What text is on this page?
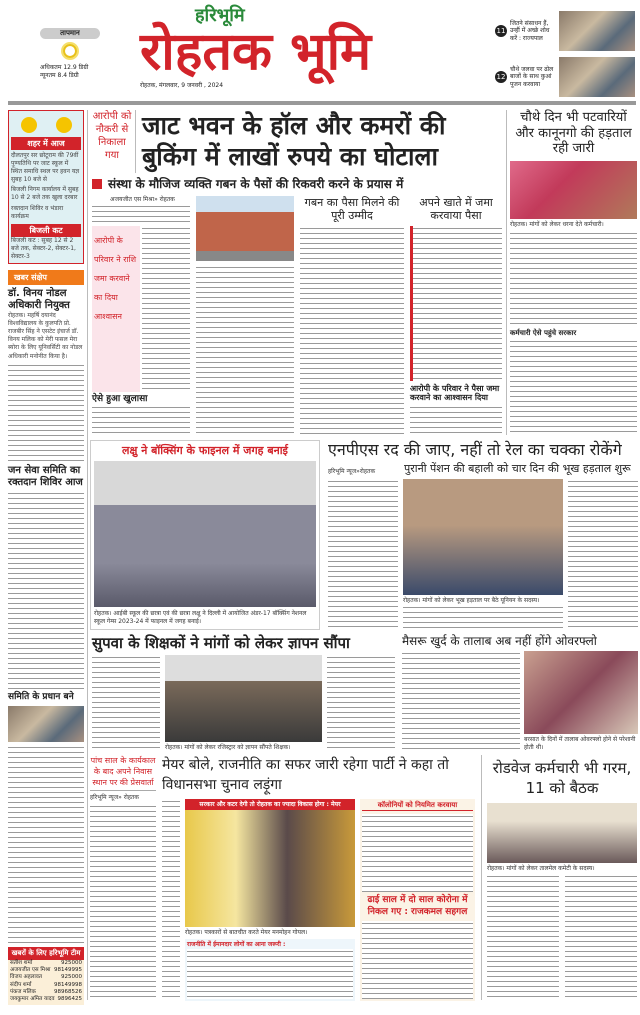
तापमान
अधिकतम 12.9 डिग्री
न्यूनतम 8.4 डिग्री
हरिभूमि
रोहतक भूमि
रोहतक, मंगलवार, 9 जनवरी , 2024
11
जितने संसाधन हैं, उन्हीं में अच्छे शोध करें : राज्यपाल
12
चौथे जलवा पर ढोल बाजों के साथ कुआं पूजन करवाया
शहर में आज
दौलतपुर सर छोटूराम की 79वीं पुण्यतिथि पर जाट स्कूल में स्थित समाधि स्थल पर हवन यज्ञ सुबह 10 बजे से
बिजली निगम कार्यालय में सुबह 10 से 2 बजे तक खुला दरबार
रक्तदान शिविर व भंडारा कार्यक्रम
बिजली कट
बिजली कट : सुबह 12 से 2 बजे तक, सेक्टर-2, सेक्टर-1, सेक्टर-3
खबर संक्षेप
डॉ. विनय नोडल अधिकारी नियुक्त
रोहतक। महर्षि दयानंद विश्वविद्यालय के कुलपति प्रो. राजबीर सिंह ने एसटेट इंचार्ज डॉ. विनय मलिक को मेरी फसल मेरा ब्योरा के लिए यूनिवर्सिटी का नोडल अधिकारी मनोनीत किया है।
जन सेवा समिति का रक्तदान शिविर आज
समिति के प्रधान बने
खबरों के लिए हरिभूमि टीम
सतीश शर्मा	925000
अजयजीत एस मिश्रा 98149995
विजय अहलावत	925000
संदीप शर्मा	98149998
पंकज मलिक	98968526
जयकुमार अमित यादव 9896425
आरोपी को नौकरी से निकाला गया
जाट भवन के हॉल और कमरों की बुकिंग में लाखों रुपये का घोटाला
संस्था के मौजिज व्यक्ति गबन के पैसों की रिकवरी करने के प्रयास में
अजयजीत एस मिश्रा» रोहतक
आरोपी के परिवार ने राशि जमा करवाने का दिया आश्वासन
ऐसे हुआ खुलासा
गबन का पैसा मिलने की पूरी उम्मीद
अपने खाते में जमा करवाया पैसा
आरोपी के परिवार ने पैसा जमा करवाने का आश्वासन दिया
चौथे दिन भी पटवारियों और कानूनगो की हड़ताल रही जारी
रोहतक। मांगों को लेकर धरना देते कर्मचारी।
कर्मचारी ऐसे पहुंचे सरकार
लक्षु ने बॉक्सिंग के फाइनल में जगह बनाई
रोहतक। आईबी स्कूल की छात्रा एवं की छात्रा लक्षु ने दिल्ली में आयोजित अंडर-17 बॉक्सिंग नेशनल स्कूल गेम्स 2023-24 में फाइनल में जगह बनाई।
एनपीएस रद की जाए, नहीं तो रेल का चक्का रोकेंगे
हरिभूमि न्यूज»रोहतक	पुरानी पेंशन की बहाली को चार दिन की भूख हड़ताल शुरू
रोहतक। मांगों को लेकर भूख हड़ताल पर बैठे यूनियन के सदस्य।
सुपवा के शिक्षकों ने मांगों को लेकर ज्ञापन सौंपा
रोहतक। मांगों को लेकर रजिस्ट्रार को ज्ञापन सौंपते शिक्षक।
मैसरू खुर्द के तालाब अब नहीं होंगे ओवरफ्लो
बरसात के दिनों में तालाब ओवरफ्लो होने से परेशानी होती थी।
पांच साल के कार्यकाल के बाद अपने निवास स्थान पर की प्रेसवार्ता
हरिभूमि न्यूज» रोहतक
मेयर बोले, राजनीति का सफर जारी रहेगा पार्टी ने कहा तो विधानसभा चुनाव लड़ूंगा
सरकार और कटर देगी तो रोहतक का ज्यादा विकास होगा : मेयर
रोहतक। पत्रकारों से बातचीत करते मेयर मनमोहन गोयल।
राजनीति में ईमानदार लोगों का आना जरूरी :
कॉलोनियों को नियमित करवाया
ढाई साल में दो साल कोरोना में निकल गए : राजकमल सहगल
रोडवेज कर्मचारी भी गरम, 11 को बैठक
रोहतक। मांगों को लेकर तालमेल कमेटी के सदस्य।
